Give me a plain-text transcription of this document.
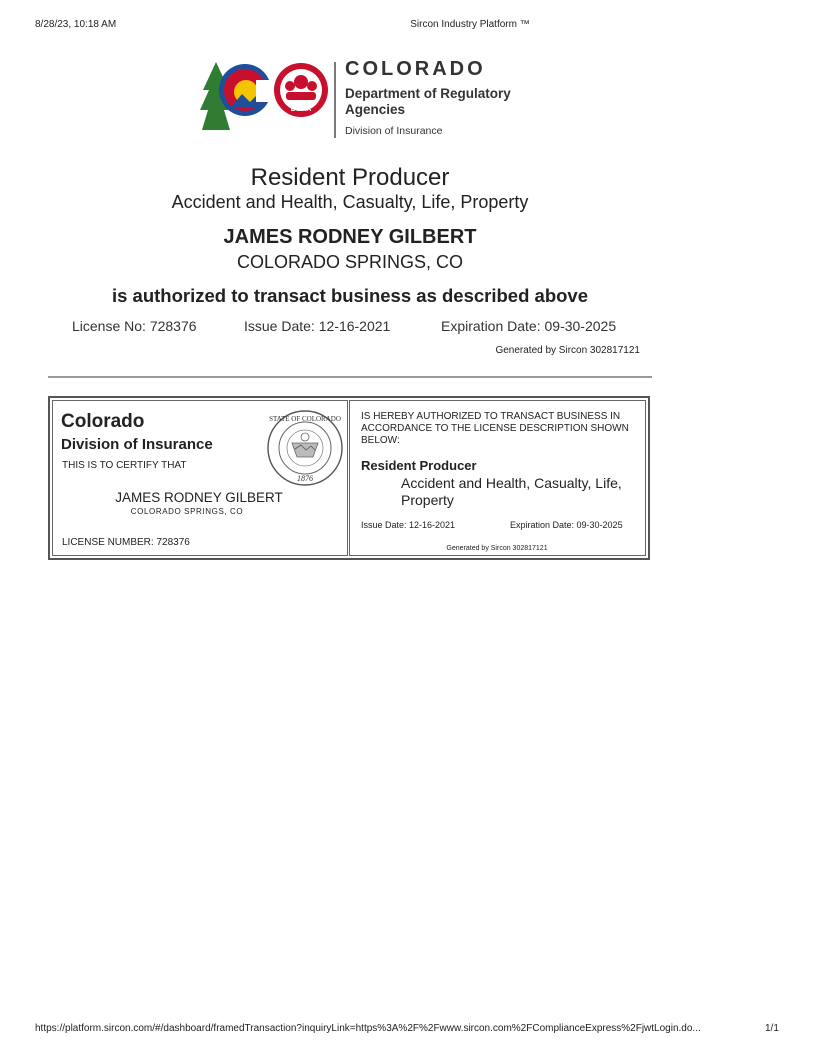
8/28/23, 10:18 AM	Sircon Industry Platform ™
DORA
COLORADO
Department of Regulatory Agencies
Division of Insurance
Resident Producer
Accident and Health, Casualty, Life, Property
JAMES RODNEY GILBERT
COLORADO SPRINGS, CO
is authorized to transact business as described above
License No: 728376	Issue Date: 12-16-2021	Expiration Date: 09-30-2025
Generated by Sircon 302817121
Colorado
Division of Insurance
THIS IS TO CERTIFY THAT
JAMES RODNEY GILBERT
COLORADO SPRINGS, CO
LICENSE NUMBER: 728376
STATE OF COLORADO
1876
IS HEREBY AUTHORIZED TO TRANSACT BUSINESS IN ACCORDANCE TO THE LICENSE DESCRIPTION SHOWN BELOW:
Resident Producer
Accident and Health, Casualty, Life, Property
Issue Date: 12-16-2021	Expiration Date: 09-30-2025
Generated by Sircon 302817121
https://platform.sircon.com/#/dashboard/framedTransaction?inquiryLink=https%3A%2F%2Fwww.sircon.com%2FComplianceExpress%2FjwtLogin.do...	1/1
